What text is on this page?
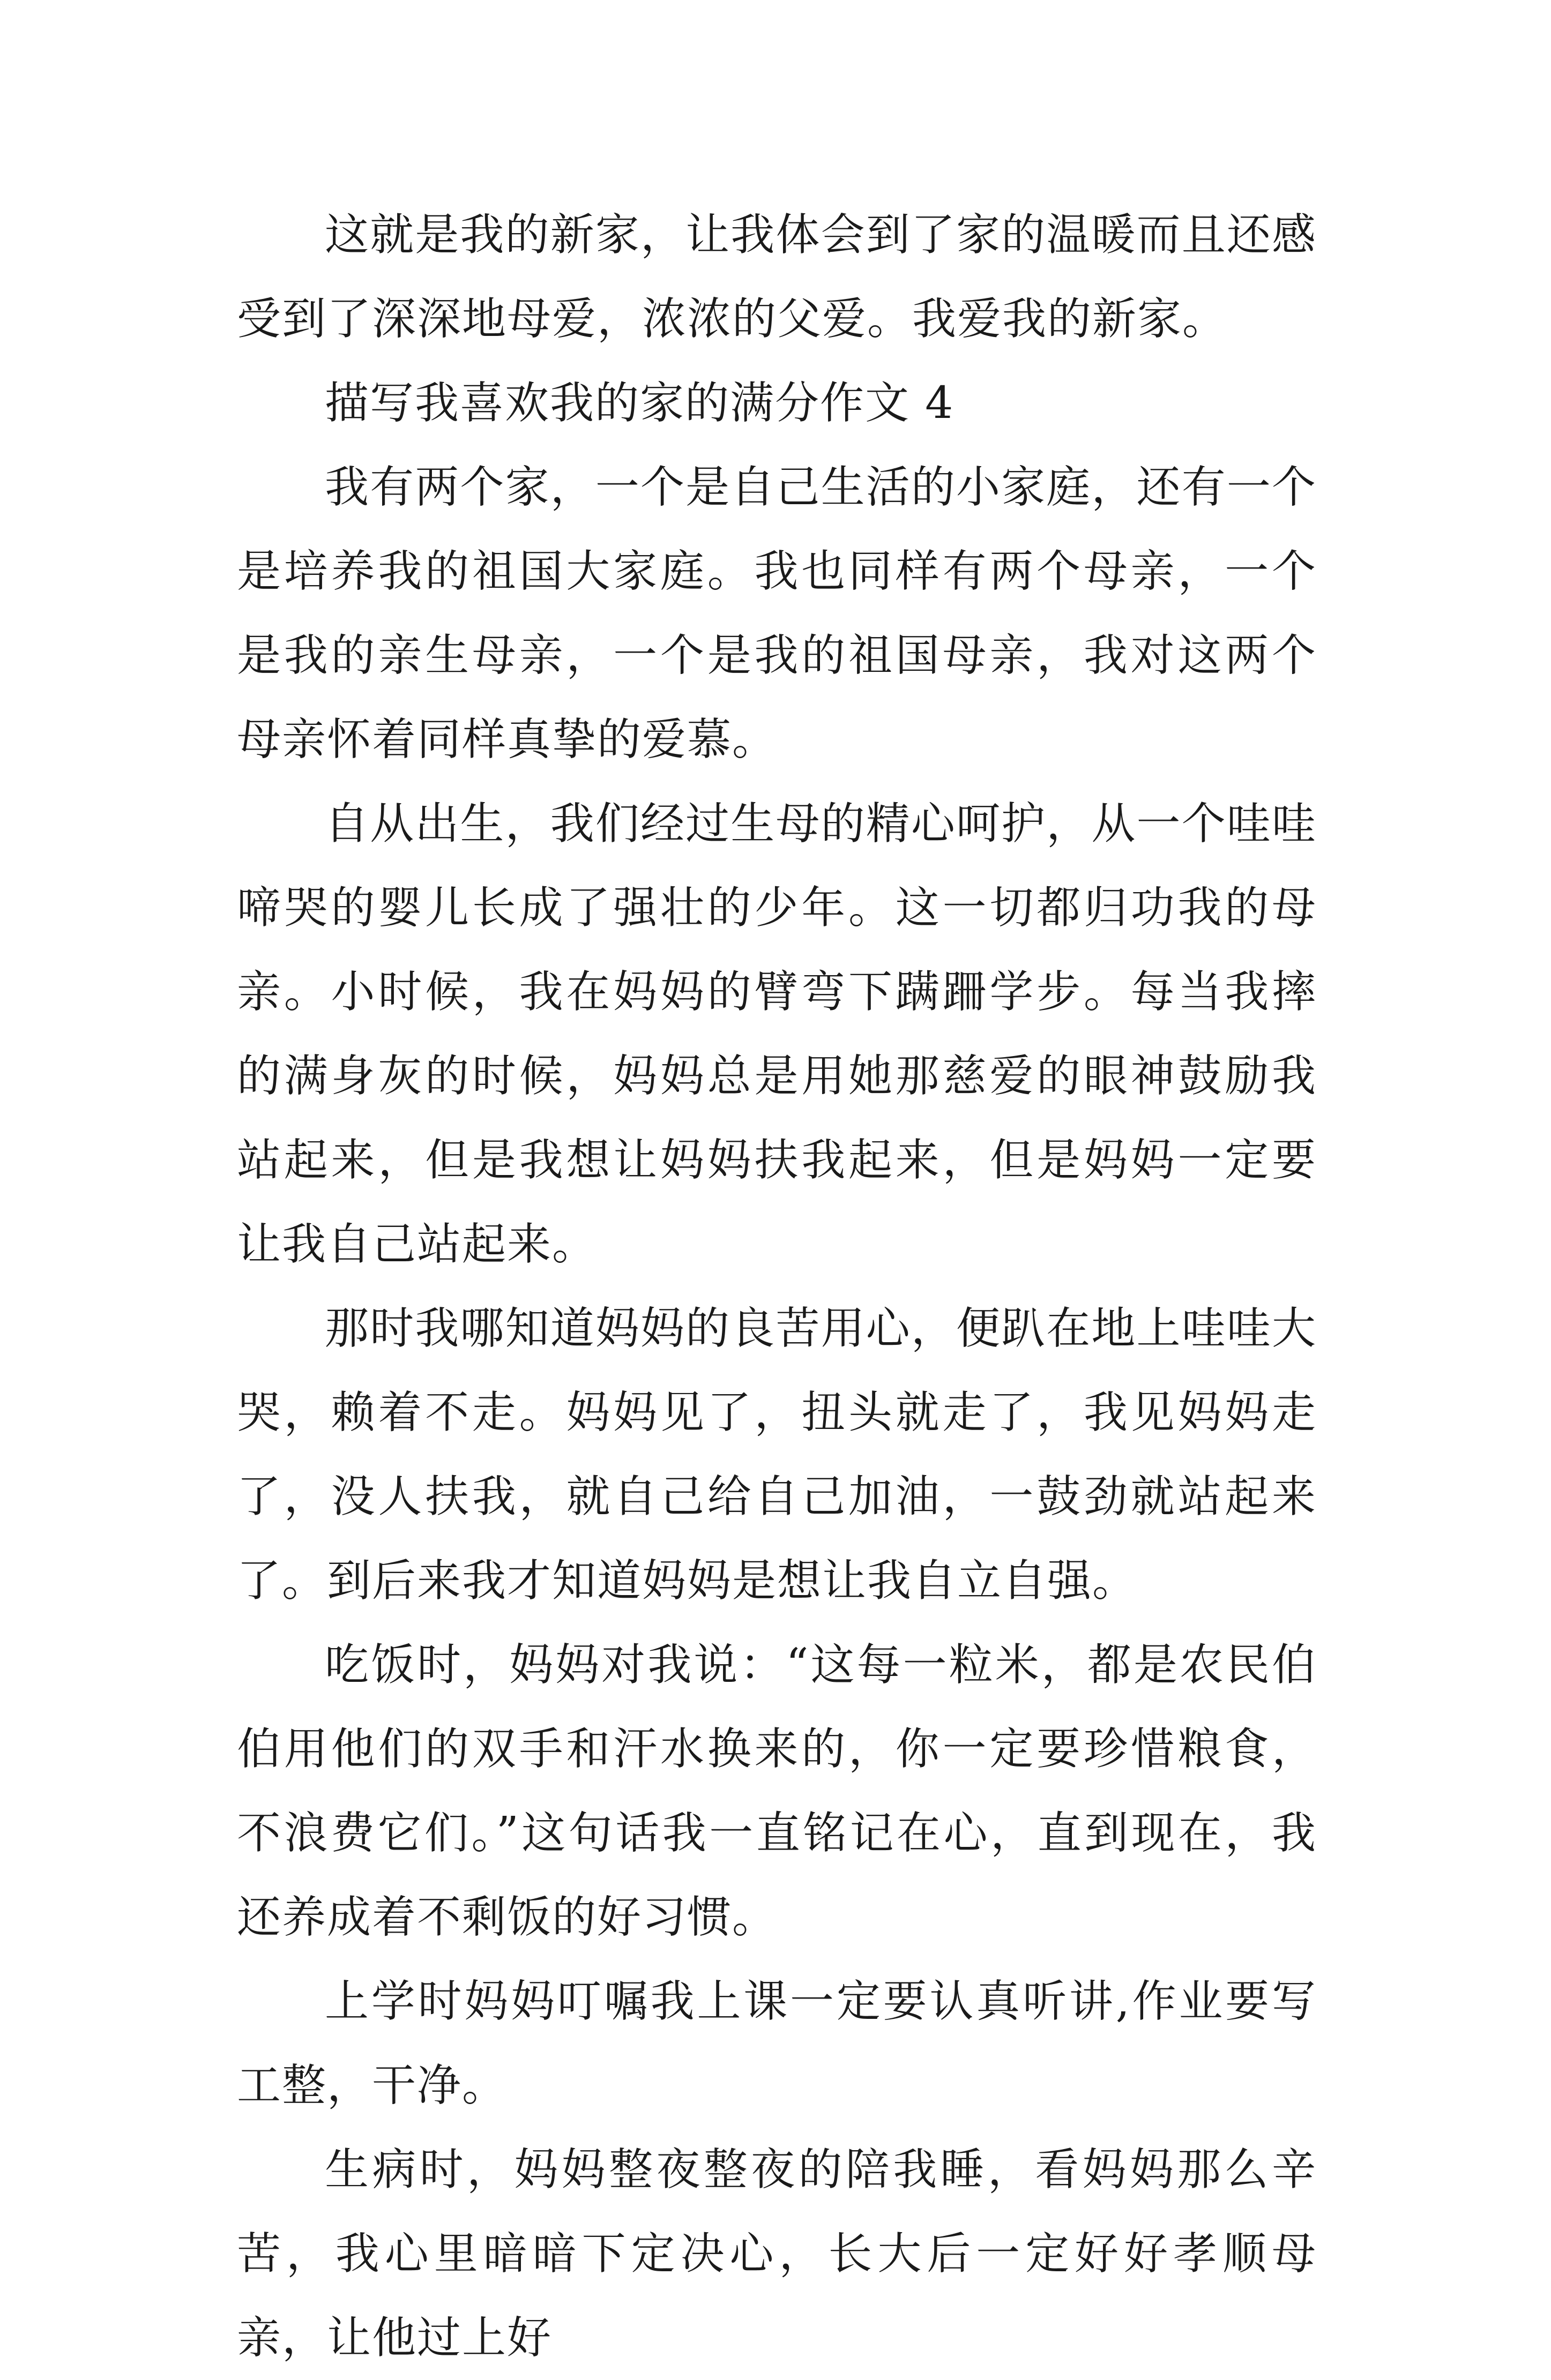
这就是我的新家，让我体会到了家的温暖而且还感受到了深深地母爱，浓浓的父爱。我爱我的新家。

描写我喜欢我的家的满分作文 4

我有两个家，一个是自己生活的小家庭，还有一个是培养我的祖国大家庭。我也同样有两个母亲，一个是我的亲生母亲，一个是我的祖国母亲，我对这两个母亲怀着同样真挚的爱慕。

自从出生，我们经过生母的精心呵护，从一个哇哇啼哭的婴儿长成了强壮的少年。这一切都归功我的母亲。小时候，我在妈妈的臂弯下蹒跚学步。每当我摔的满身灰的时候，妈妈总是用她那慈爱的眼神鼓励我站起来，但是我想让妈妈扶我起来，但是妈妈一定要让我自己站起来。

那时我哪知道妈妈的良苦用心，便趴在地上哇哇大哭，赖着不走。妈妈见了，扭头就走了，我见妈妈走了，没人扶我，就自己给自己加油，一鼓劲就站起来了。到后来我才知道妈妈是想让我自立自强。

吃饭时，妈妈对我说：“这每一粒米，都是农民伯伯用他们的双手和汗水换来的，你一定要珍惜粮食，不浪费它们。”这句话我一直铭记在心，直到现在，我还养成着不剩饭的好习惯。

上学时妈妈叮嘱我上课一定要认真听讲,作业要写工整，干净。

生病时，妈妈整夜整夜的陪我睡，看妈妈那么辛苦，我心里暗暗下定决心，长大后一定好好孝顺母亲，让他过上好
